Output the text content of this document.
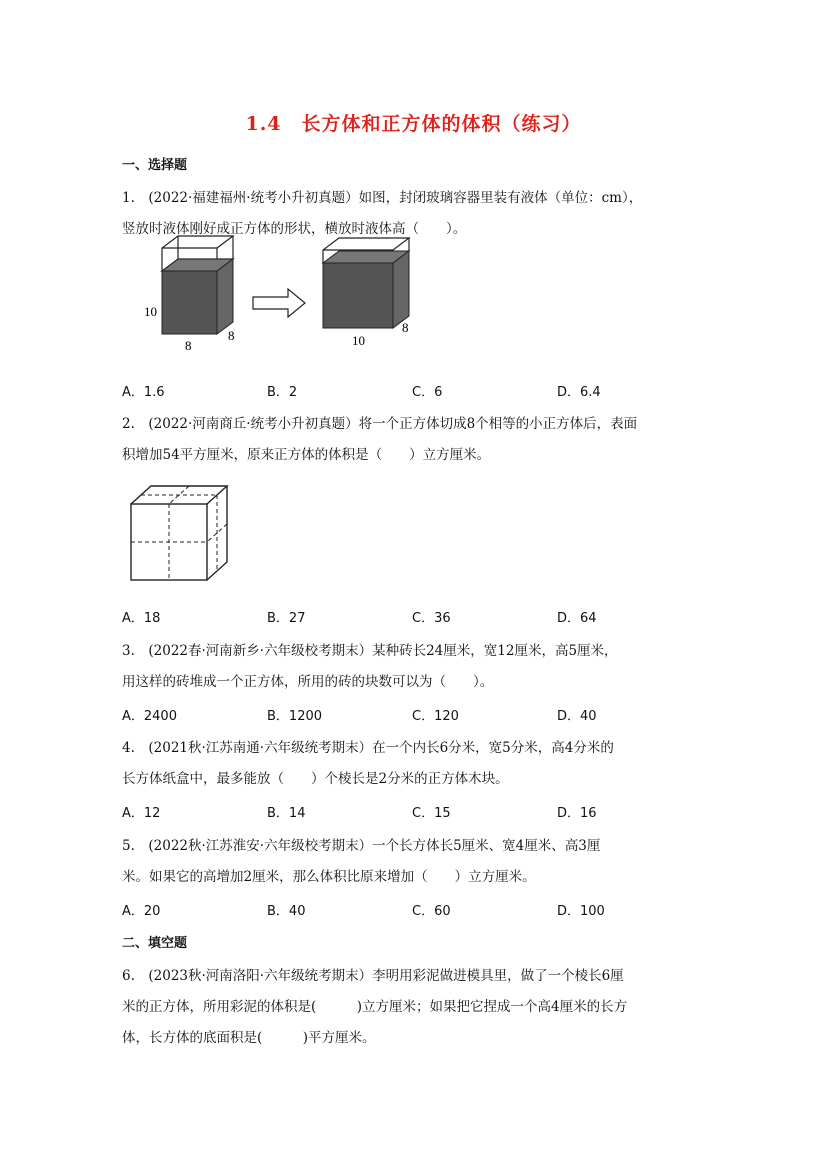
1.4　长方体和正方体的体积（练习）
一、选择题
1.　(2022·福建福州·统考小升初真题）如图，封闭玻璃容器里装有液体（单位：cm），
竖放时液体刚好成正方体的形状，横放时液体高（　　）。
10
8
8	10
8
A．1.6	B．2	C．6	D．6.4
2.　(2022·河南商丘·统考小升初真题）将一个正方体切成8个相等的小正方体后，表面
积增加54平方厘米，原来正方体的体积是（　　）立方厘米。
A．18	B．27	C．36	D．64
3.　(2022春·河南新乡·六年级校考期末）某种砖长24厘米，宽12厘米，高5厘米，
用这样的砖堆成一个正方体，所用的砖的块数可以为（　　）。
A．2400	B．1200	C．120	D．40
4.　(2021秋·江苏南通·六年级统考期末）在一个内长6分米，宽5分米，高4分米的
长方体纸盒中，最多能放（　　）个棱长是2分米的正方体木块。
A．12	B．14	C．15	D．16
5.　(2022秋·江苏淮安·六年级校考期末）一个长方体长5厘米、宽4厘米、高3厘
米。如果它的高增加2厘米，那么体积比原来增加（　　）立方厘米。
A．20	B．40	C．60	D．100
二、填空题
6.　(2023秋·河南洛阳·六年级统考期末）李明用彩泥做进模具里，做了一个棱长6厘
米的正方体，所用彩泥的体积是(　　　)立方厘米；如果把它捏成一个高4厘米的长方
体，长方体的底面积是(　　　)平方厘米。
